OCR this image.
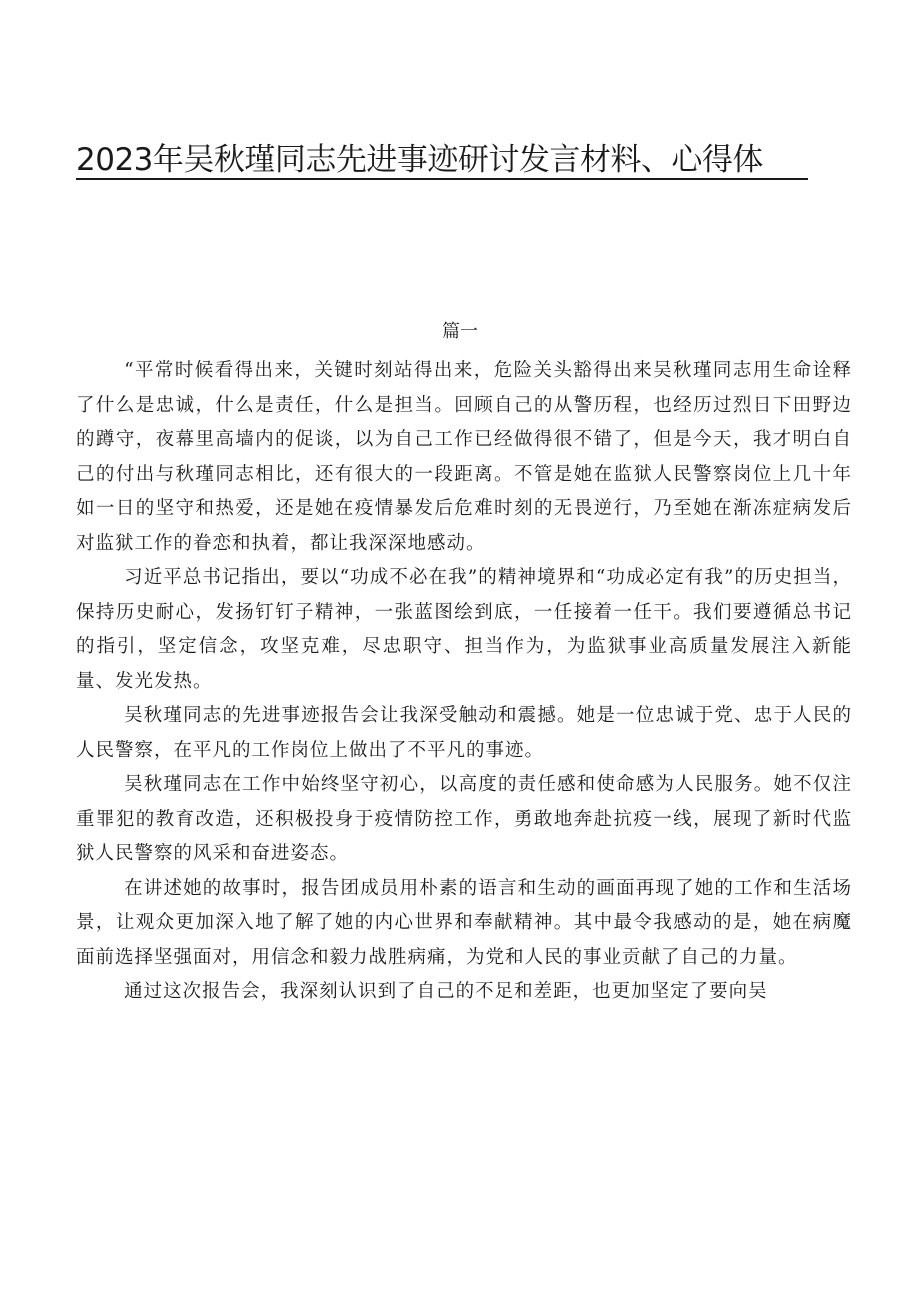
2023年吴秋瑾同志先进事迹研讨发言材料、心得体
篇一

“平常时候看得出来，关键时刻站得出来，危险关头豁得出来吴秋瑾同志用生命诠释了什么是忠诚，什么是责任，什么是担当。回顾自己的从警历程，也经历过烈日下田野边的蹲守，夜幕里高墙内的促谈，以为自己工作已经做得很不错了，但是今天，我才明白自己的付出与秋瑾同志相比，还有很大的一段距离。不管是她在监狱人民警察岗位上几十年如一日的坚守和热爱，还是她在疫情暴发后危难时刻的无畏逆行，乃至她在渐冻症病发后对监狱工作的眷恋和执着，都让我深深地感动。

习近平总书记指出，要以“功成不必在我”的精神境界和“功成必定有我”的历史担当，保持历史耐心，发扬钉钉子精神，一张蓝图绘到底，一任接着一任干。我们要遵循总书记的指引，坚定信念，攻坚克难，尽忠职守、担当作为，为监狱事业高质量发展注入新能量、发光发热。

吴秋瑾同志的先进事迹报告会让我深受触动和震撼。她是一位忠诚于党、忠于人民的人民警察，在平凡的工作岗位上做出了不平凡的事迹。

吴秋瑾同志在工作中始终坚守初心，以高度的责任感和使命感为人民服务。她不仅注重罪犯的教育改造，还积极投身于疫情防控工作，勇敢地奔赴抗疫一线，展现了新时代监狱人民警察的风采和奋进姿态。

在讲述她的故事时，报告团成员用朴素的语言和生动的画面再现了她的工作和生活场景，让观众更加深入地了解了她的内心世界和奉献精神。其中最令我感动的是，她在病魔面前选择坚强面对，用信念和毅力战胜病痛，为党和人民的事业贡献了自己的力量。

通过这次报告会，我深刻认识到了自己的不足和差距，也更加坚定了要向吴
